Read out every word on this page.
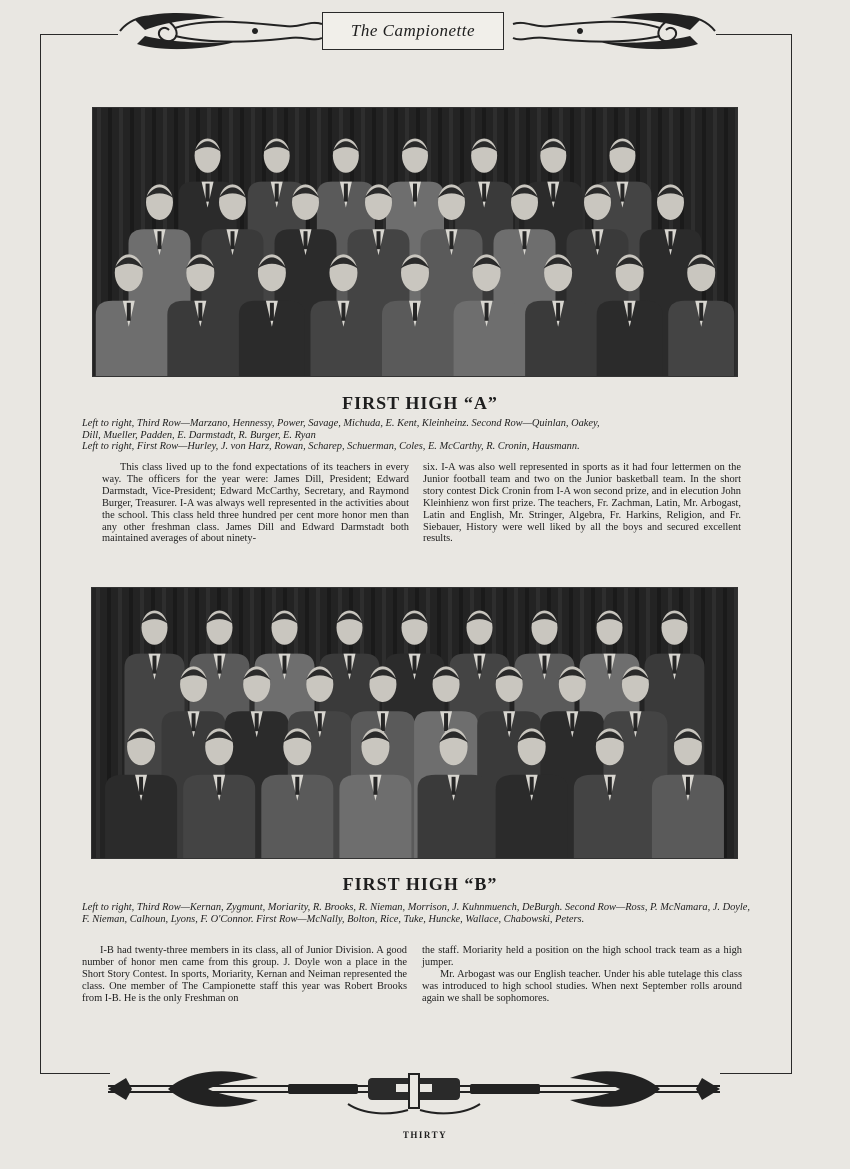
The Campionette
FIRST HIGH “A”

Left to right, Third Row—Marzano, Hennessy, Power, Savage, Michuda, E. Kent, Kleinheinz. Second Row—Quinlan, Oakey,

Dill, Mueller, Padden, E. Darmstadt, R. Burger, E. Ryan

Left to right, First Row—Hurley, J. von Harz, Rowan, Scharep, Schuerman, Coles, E. McCarthy, R. Cronin, Hausmann.

This class lived up to the fond expectations of its teachers in every way. The officers for the year were: James Dill, President; Edward Darmstadt, Vice-President; Edward McCarthy, Secretary, and Raymond Burger, Treasurer. I-A was always well represented in the activities about the school. This class held three hundred per cent more honor men than any other freshman class. James Dill and Edward Darmstadt both maintained averages of about ninety-

six. I-A was also well represented in sports as it had four lettermen on the Junior football team and two on the Junior basketball team. In the short story contest Dick Cronin from I-A won second prize, and in elecution John Kleinhienz won first prize. The teachers, Fr. Zachman, Latin, Mr. Arbogast, Latin and English, Mr. Stringer, Algebra, Fr. Harkins, Religion, and Fr. Siebauer, History were well liked by all the boys and secured excellent results.

FIRST HIGH “B”

Left to right, Third Row—Kernan, Zygmunt, Moriarity, R. Brooks, R. Nieman, Morrison, J. Kuhnmuench, DeBurgh. Second Row—Ross, P. McNamara, J. Doyle, F. Nieman, Calhoun, Lyons, F. O'Connor. First Row—McNally, Bolton, Rice, Tuke, Huncke, Wallace, Chabowski, Peters.

I-B had twenty-three members in its class, all of Junior Division. A good number of honor men came from this group. J. Doyle won a place in the Short Story Contest. In sports, Moriarity, Kernan and Neiman represented the class. One member of The Campionette staff this year was Robert Brooks from I-B. He is the only Freshman on

the staff. Moriarity held a position on the high school track team as a high jumper.

Mr. Arbogast was our English teacher. Under his able tutelage this class was introduced to high school studies. When next September rolls around again we shall be sophomores.

THIRTY
